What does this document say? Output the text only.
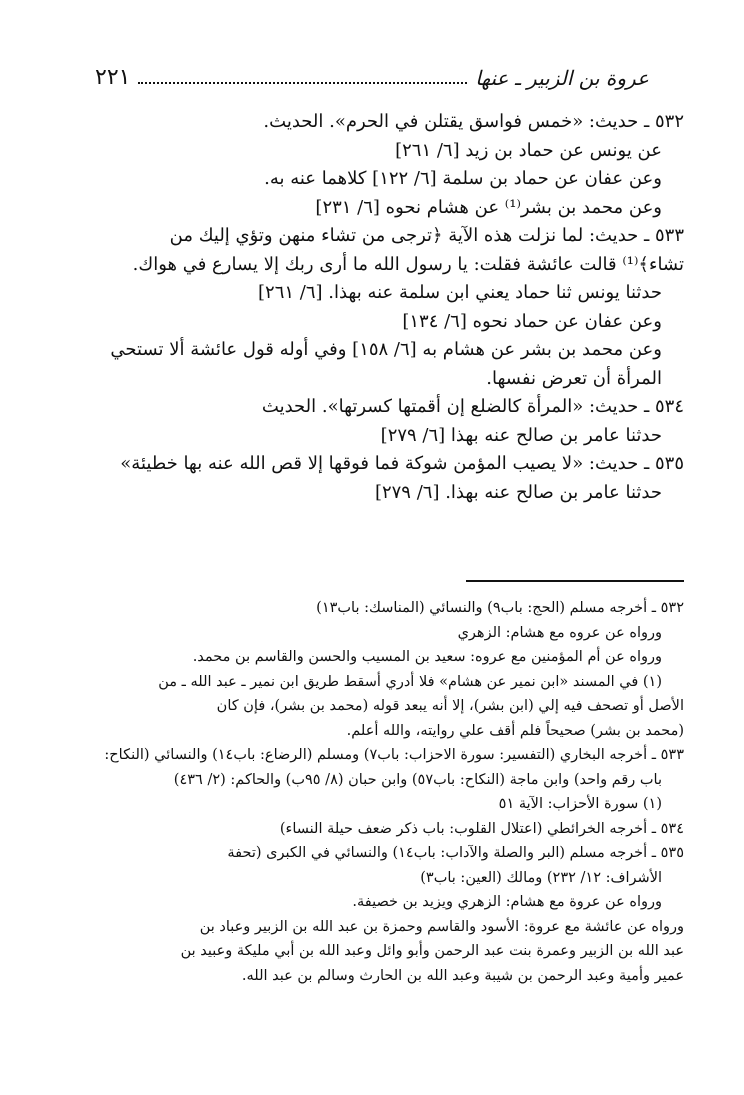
عروة بن الزبير ـ عنها
٢٢١

٥٣٢ ـ حديث: «خمس فواسق يقتلن في الحرم». الحديث.

عن يونس عن حماد بن زيد [٦/ ٢٦١]

وعن عفان عن حماد بن سلمة [٦/ ١٢٢] كلاهما عنه به.

وعن محمد بن بشر⁽¹⁾ عن هشام نحوه [٦/ ٢٣١]

٥٣٣ ـ حديث: لما نزلت هذه الآية ﴿ترجى من تشاء منهن وتؤي إليك من

تشاء﴾⁽¹⁾ قالت عائشة فقلت: يا رسول الله ما أرى ربك إلا يسارع في هواك.

حدثنا يونس ثنا حماد يعني ابن سلمة عنه بهذا. [٦/ ٢٦١]

وعن عفان عن حماد نحوه [٦/ ١٣٤]

وعن محمد بن بشر عن هشام به [٦/ ١٥٨] وفي أوله قول عائشة ألا تستحي

المرأة أن تعرض نفسها.

٥٣٤ ـ حديث: «المرأة كالضلع إن أقمتها كسرتها». الحديث

حدثنا عامر بن صالح عنه بهذا [٦/ ٢٧٩]

٥٣٥ ـ حديث: «لا يصيب المؤمن شوكة فما فوقها إلا قص الله عنه بها خطيئة»

حدثنا عامر بن صالح عنه بهذا. [٦/ ٢٧٩]

٥٣٢ ـ أخرجه مسلم (الحج: باب٩) والنسائي (المناسك: باب١٣)

ورواه عن عروه مع هشام: الزهري

ورواه عن أم المؤمنين مع عروه: سعيد بن المسيب والحسن والقاسم بن محمد.

(١) في المسند «ابن نمير عن هشام» فلا أدري أسقط طريق ابن نمير ـ عبد الله ـ من

الأصل أو تصحف فيه إلي (ابن بشر)، إلا أنه يبعد قوله (محمد بن بشر)، فإن كان

(محمد بن بشر) صحيحاً فلم أقف علي روايته، والله أعلم.

٥٣٣ ـ أخرجه البخاري (التفسير: سورة الاحزاب: باب٧) ومسلم (الرضاع: باب١٤) والنسائي (النكاح:

باب رقم واحد) وابن ماجة (النكاح: باب٥٧) وابن حبان (٨/ ٩٥ب) والحاكم: (٢/ ٤٣٦)

(١) سورة الأحزاب: الآية ٥١

٥٣٤ ـ أخرجه الخرائطي (اعتلال القلوب: باب ذكر ضعف حيلة النساء)

٥٣٥ ـ أخرجه مسلم (البر والصلة والآداب: باب١٤) والنسائي في الكبرى (تحفة

الأشراف: ١٢/ ٢٣٢) ومالك (العين: باب٣)

ورواه عن عروة مع هشام: الزهري ويزيد بن خصيفة.

ورواه عن عائشة مع عروة: الأسود والقاسم وحمزة بن عبد الله بن الزبير وعباد بن

عبد الله بن الزبير وعمرة بنت عبد الرحمن وأبو وائل وعبد الله بن أبي مليكة وعبيد بن

عمير وأمية وعبد الرحمن بن شيبة وعبد الله بن الحارث وسالم بن عبد الله.
